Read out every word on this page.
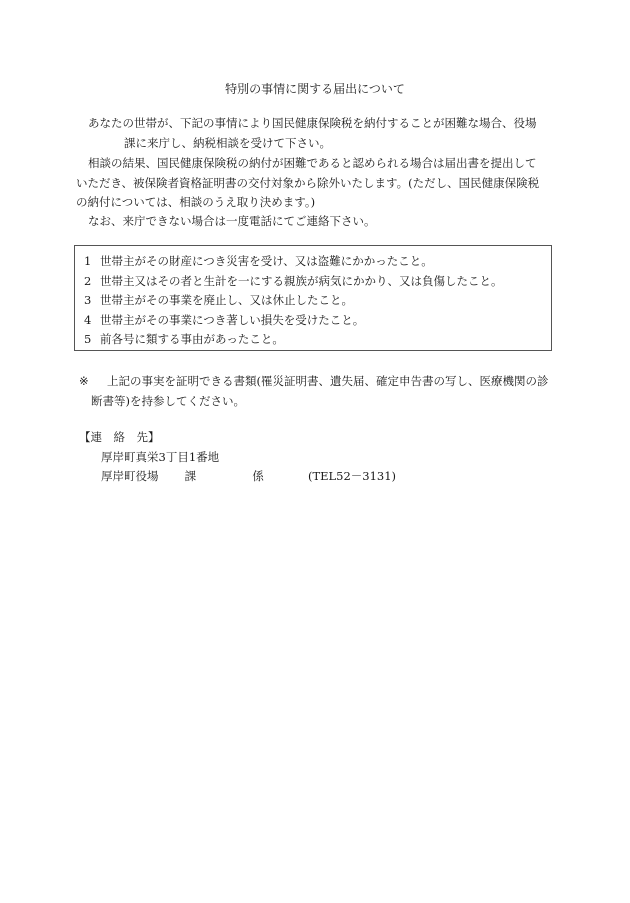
特別の事情に関する届出について
あなたの世帯が、下記の事情により国民健康保険税を納付することが困難な場合、役場
課に来庁し、納税相談を受けて下さい。
相談の結果、国民健康保険税の納付が困難であると認められる場合は届出書を提出して
いただき、被保険者資格証明書の交付対象から除外いたします。(ただし、国民健康保険税
の納付については、相談のうえ取り決めます。)
なお、来庁できない場合は一度電話にてご連絡下さい。
1 世帯主がその財産につき災害を受け、又は盗難にかかったこと。
2 世帯主又はその者と生計を一にする親族が病気にかかり、又は負傷したこと。
3 世帯主がその事業を廃止し、又は休止したこと。
4 世帯主がその事業につき著しい損失を受けたこと。
5 前各号に類する事由があったこと。
※ 上記の事実を証明できる書類(罹災証明書、遺失届、確定申告書の写し、医療機関の診
断書等)を持参してください。
【連　絡　先】
厚岸町真栄3丁目1番地
厚岸町役場 課	係	(TEL52－3131)
